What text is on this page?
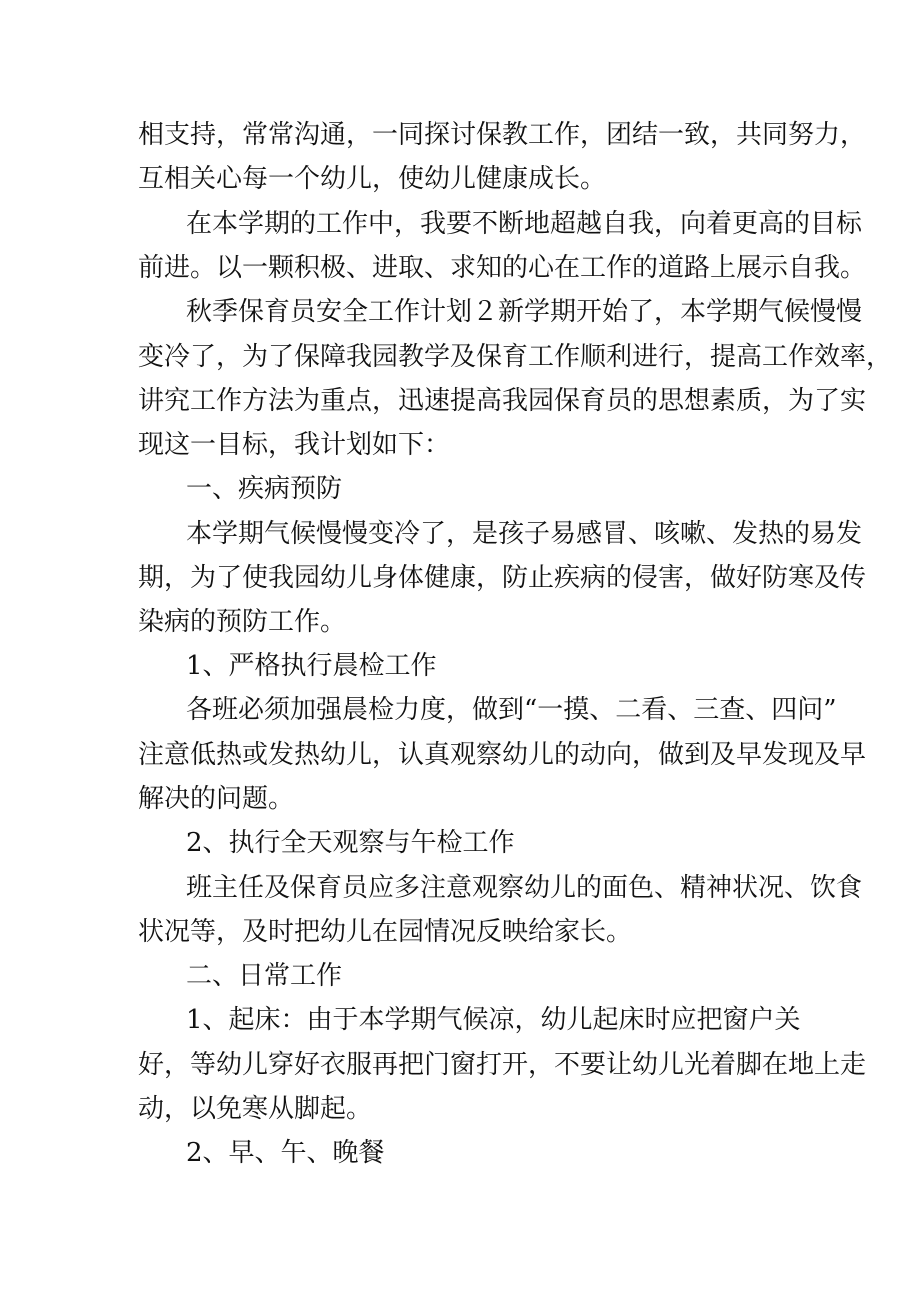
相支持，常常沟通，一同探讨保教工作，团结一致，共同努力，
互相关心每一个幼儿，使幼儿健康成长。
在本学期的工作中，我要不断地超越自我，向着更高的目标
前进。以一颗积极、进取、求知的心在工作的道路上展示自我。
秋季保育员安全工作计划２新学期开始了，本学期气候慢慢
变冷了，为了保障我园教学及保育工作顺利进行，提高工作效率，
讲究工作方法为重点，迅速提高我园保育员的思想素质，为了实
现这一目标，我计划如下：
一、疾病预防
本学期气候慢慢变冷了，是孩子易感冒、咳嗽、发热的易发
期，为了使我园幼儿身体健康，防止疾病的侵害，做好防寒及传
染病的预防工作。
1、严格执行晨检工作
各班必须加强晨检力度，做到“一摸、二看、三查、四问”
注意低热或发热幼儿，认真观察幼儿的动向，做到及早发现及早
解决的问题。
2、执行全天观察与午检工作
班主任及保育员应多注意观察幼儿的面色、精神状况、饮食
状况等，及时把幼儿在园情况反映给家长。
二、日常工作
1、起床：由于本学期气候凉，幼儿起床时应把窗户关
好，等幼儿穿好衣服再把门窗打开，不要让幼儿光着脚在地上走
动，以免寒从脚起。
2、早、午、晚餐
